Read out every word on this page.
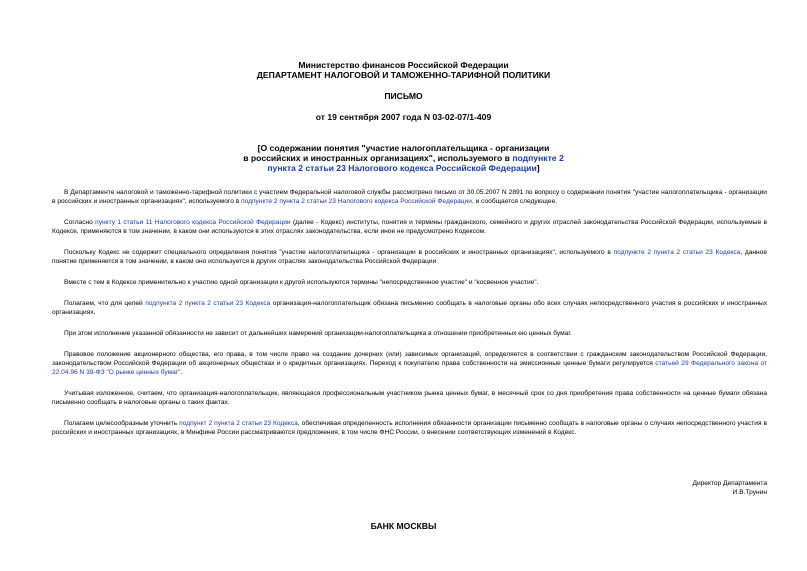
Министерство финансов Российской Федерации
ДЕПАРТАМЕНТ НАЛОГОВОЙ И ТАМОЖЕННО-ТАРИФНОЙ ПОЛИТИКИ
ПИСЬМО
от 19 сентября 2007 года N 03-02-07/1-409
[О содержании понятия "участие налогоплательщика - организации
в российских и иностранных организациях", используемого в подпункте 2
пункта 2 статьи 23 Налогового кодекса Российской Федерации]

В Департаменте налоговой и таможенно-тарифной политики с участием Федеральной налоговой службы рассмотрено письмо от 30.05.2007 N 2891 по вопросу о содержании понятия "участие налогоплательщика - организации в российских и иностранных организациях", используемого в подпункте 2 пункта 2 статьи 23 Налогового кодекса Российской Федерации, и сообщается следующее.

Согласно пункту 1 статьи 11 Налогового кодекса Российской Федерации (далее - Кодекс) институты, понятия и термины гражданского, семейного и других отраслей законодательства Российской Федерации, используемые в Кодексе, применяются в том значении, в каком они используются в этих отраслях законодательства, если иное не предусмотрено Кодексом.

Поскольку Кодекс не содержит специального определения понятия "участие налогоплательщика - организации в российских и иностранных организациях", используемого в подпункте 2 пункта 2 статьи 23 Кодекса, данное понятие применяется в том значении, в каком оно используется в других отраслях законодательства Российской Федерации.

Вместе с тем в Кодексе применительно к участию одной организации к другой используются термины "непосредственное участие" и "косвенное участие".

Полагаем, что для целей подпункта 2 пункта 2 статьи 23 Кодекса организация-налогоплательщик обязана письменно сообщать в налоговые органы обо всех случаях непосредственного участия в российских и иностранных организациях.

При этом исполнение указанной обязанности не зависит от дальнейших намерений организации-налогоплательщика в отношении приобретенных ею ценных бумаг.

Правовое положение акционерного общества, его права, в том числе право на создание дочерних (или) зависимых организаций, определяется в соответствии с гражданским законодательством Российской Федерации, законодательством Российской Федерации об акционерных обществах и о кредитных организациях. Переход к покупателю права собственности на эмиссионные ценные бумаги регулируется статьей 29 Федерального закона от 22.04.96 N 39-ФЗ "О рынке ценных бумаг".

Учитывая изложенное, считаем, что организация-налогоплательщик, являющаяся профессиональным участником рынка ценных бумаг, в месячный срок со дня приобретения права собственности на ценные бумаги обязана письменно сообщать в налоговые органы о таких фактах.

Полагаем целесообразным уточнить подпункт 2 пункта 2 статьи 23 Кодекса, обеспечивая определенность исполнения обязанности организации письменно сообщать в налоговые органы о случаях непосредственного участия в российских и иностранных организациях, в Минфине России рассматриваются предложения, в том числе ФНС России, о внесении соответствующих изменений в Кодекс.

Директор Департамента
И.В.Трунин
БАНК МОСКВЫ
